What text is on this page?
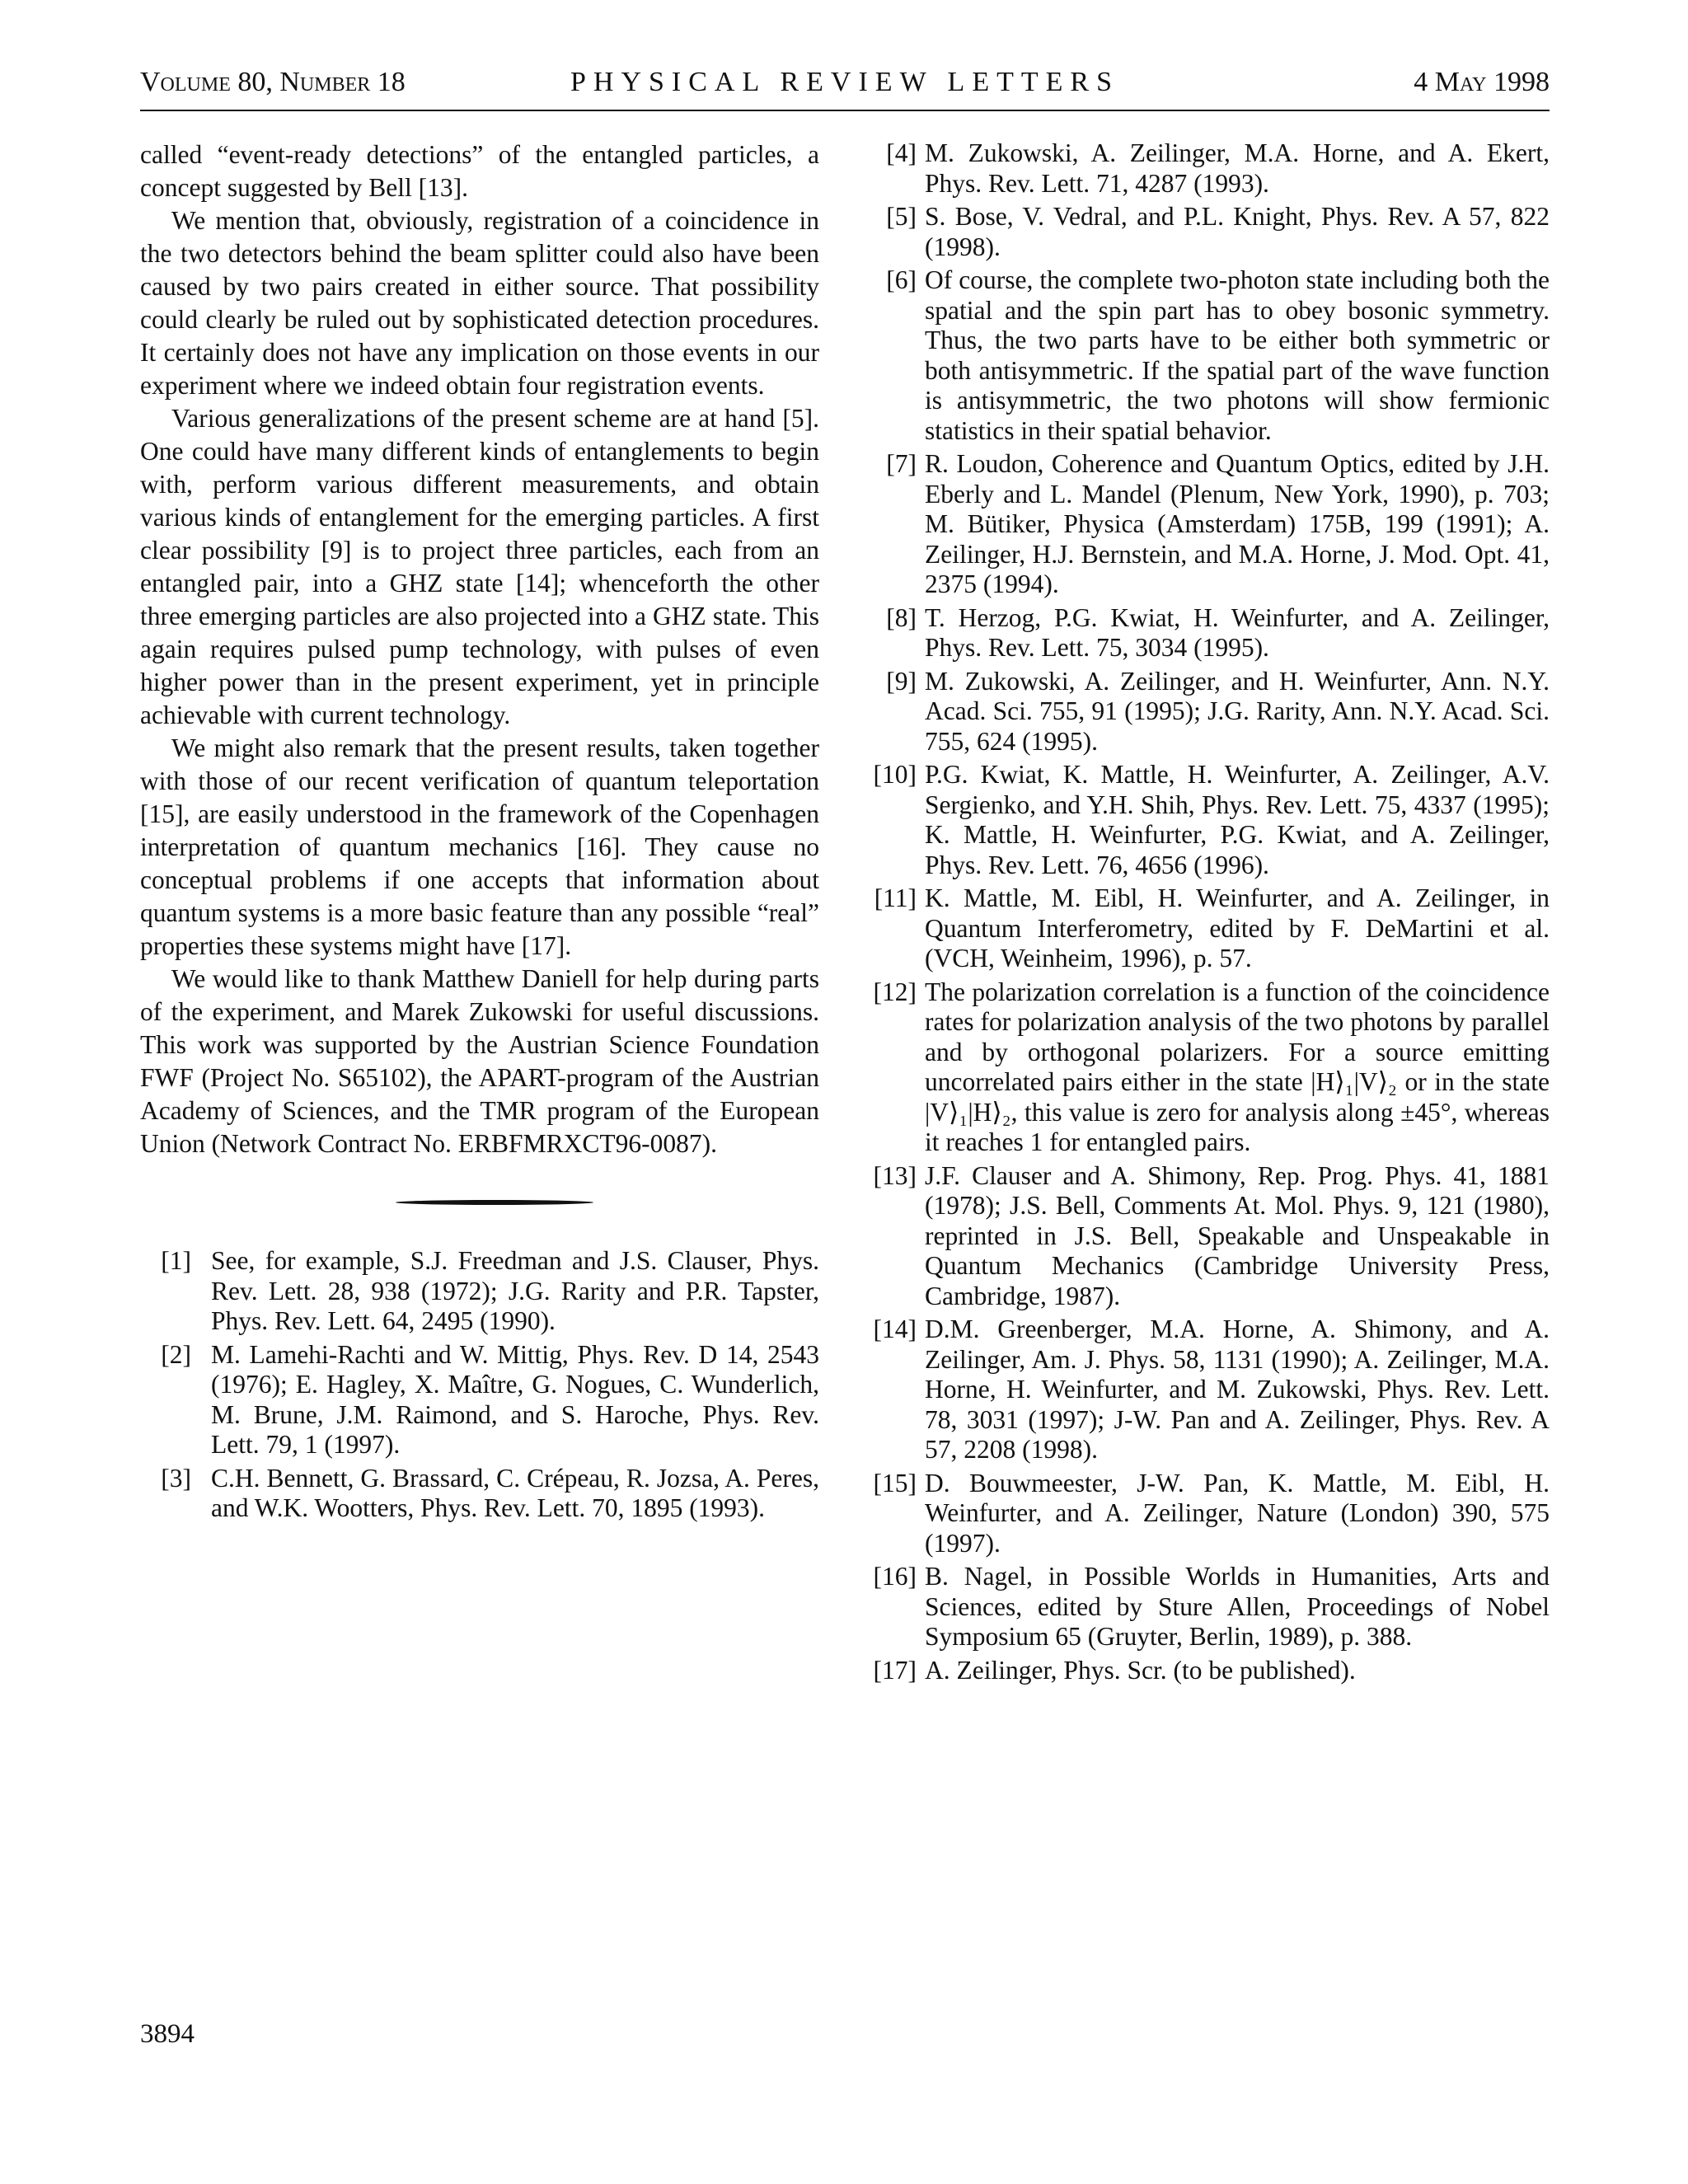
Volume 80, Number 18	PHYSICAL REVIEW LETTERS	4 May 1998

called “event-ready detections” of the entangled particles, a concept suggested by Bell [13].

We mention that, obviously, registration of a coincidence in the two detectors behind the beam splitter could also have been caused by two pairs created in either source. That possibility could clearly be ruled out by sophisticated detection procedures. It certainly does not have any implication on those events in our experiment where we indeed obtain four registration events.

Various generalizations of the present scheme are at hand [5]. One could have many different kinds of entanglements to begin with, perform various different measurements, and obtain various kinds of entanglement for the emerging particles. A first clear possibility [9] is to project three particles, each from an entangled pair, into a GHZ state [14]; whenceforth the other three emerging particles are also projected into a GHZ state. This again requires pulsed pump technology, with pulses of even higher power than in the present experiment, yet in principle achievable with current technology.

We might also remark that the present results, taken together with those of our recent verification of quantum teleportation [15], are easily understood in the framework of the Copenhagen interpretation of quantum mechanics [16]. They cause no conceptual problems if one accepts that information about quantum systems is a more basic feature than any possible “real” properties these systems might have [17].

We would like to thank Matthew Daniell for help during parts of the experiment, and Marek Zukowski for useful discussions. This work was supported by the Austrian Science Foundation FWF (Project No. S65102), the APART-program of the Austrian Academy of Sciences, and the TMR program of the European Union (Network Contract No. ERBFMRXCT96-0087).

[1] See, for example, S.J. Freedman and J.S. Clauser, Phys. Rev. Lett. 28, 938 (1972); J.G. Rarity and P.R. Tapster, Phys. Rev. Lett. 64, 2495 (1990).
[2] M. Lamehi-Rachti and W. Mittig, Phys. Rev. D 14, 2543 (1976); E. Hagley, X. Maître, G. Nogues, C. Wunderlich, M. Brune, J.M. Raimond, and S. Haroche, Phys. Rev. Lett. 79, 1 (1997).
[3] C.H. Bennett, G. Brassard, C. Crépeau, R. Jozsa, A. Peres, and W.K. Wootters, Phys. Rev. Lett. 70, 1895 (1993).
[4] M. Zukowski, A. Zeilinger, M.A. Horne, and A. Ekert, Phys. Rev. Lett. 71, 4287 (1993).
[5] S. Bose, V. Vedral, and P.L. Knight, Phys. Rev. A 57, 822 (1998).
[6] Of course, the complete two-photon state including both the spatial and the spin part has to obey bosonic symmetry. Thus, the two parts have to be either both symmetric or both antisymmetric. If the spatial part of the wave function is antisymmetric, the two photons will show fermionic statistics in their spatial behavior.
[7] R. Loudon, Coherence and Quantum Optics, edited by J.H. Eberly and L. Mandel (Plenum, New York, 1990), p. 703; M. Bütiker, Physica (Amsterdam) 175B, 199 (1991); A. Zeilinger, H.J. Bernstein, and M.A. Horne, J. Mod. Opt. 41, 2375 (1994).
[8] T. Herzog, P.G. Kwiat, H. Weinfurter, and A. Zeilinger, Phys. Rev. Lett. 75, 3034 (1995).
[9] M. Zukowski, A. Zeilinger, and H. Weinfurter, Ann. N.Y. Acad. Sci. 755, 91 (1995); J.G. Rarity, Ann. N.Y. Acad. Sci. 755, 624 (1995).
[10] P.G. Kwiat, K. Mattle, H. Weinfurter, A. Zeilinger, A.V. Sergienko, and Y.H. Shih, Phys. Rev. Lett. 75, 4337 (1995); K. Mattle, H. Weinfurter, P.G. Kwiat, and A. Zeilinger, Phys. Rev. Lett. 76, 4656 (1996).
[11] K. Mattle, M. Eibl, H. Weinfurter, and A. Zeilinger, in Quantum Interferometry, edited by F. DeMartini et al. (VCH, Weinheim, 1996), p. 57.
[12] The polarization correlation is a function of the coincidence rates for polarization analysis of the two photons by parallel and by orthogonal polarizers. For a source emitting uncorrelated pairs either in the state |H⟩₁|V⟩₂ or in the state |V⟩₁|H⟩₂, this value is zero for analysis along ±45°, whereas it reaches 1 for entangled pairs.
[13] J.F. Clauser and A. Shimony, Rep. Prog. Phys. 41, 1881 (1978); J.S. Bell, Comments At. Mol. Phys. 9, 121 (1980), reprinted in J.S. Bell, Speakable and Unspeakable in Quantum Mechanics (Cambridge University Press, Cambridge, 1987).
[14] D.M. Greenberger, M.A. Horne, A. Shimony, and A. Zeilinger, Am. J. Phys. 58, 1131 (1990); A. Zeilinger, M.A. Horne, H. Weinfurter, and M. Zukowski, Phys. Rev. Lett. 78, 3031 (1997); J-W. Pan and A. Zeilinger, Phys. Rev. A 57, 2208 (1998).
[15] D. Bouwmeester, J-W. Pan, K. Mattle, M. Eibl, H. Weinfurter, and A. Zeilinger, Nature (London) 390, 575 (1997).
[16] B. Nagel, in Possible Worlds in Humanities, Arts and Sciences, edited by Sture Allen, Proceedings of Nobel Symposium 65 (Gruyter, Berlin, 1989), p. 388.
[17] A. Zeilinger, Phys. Scr. (to be published).
3894
